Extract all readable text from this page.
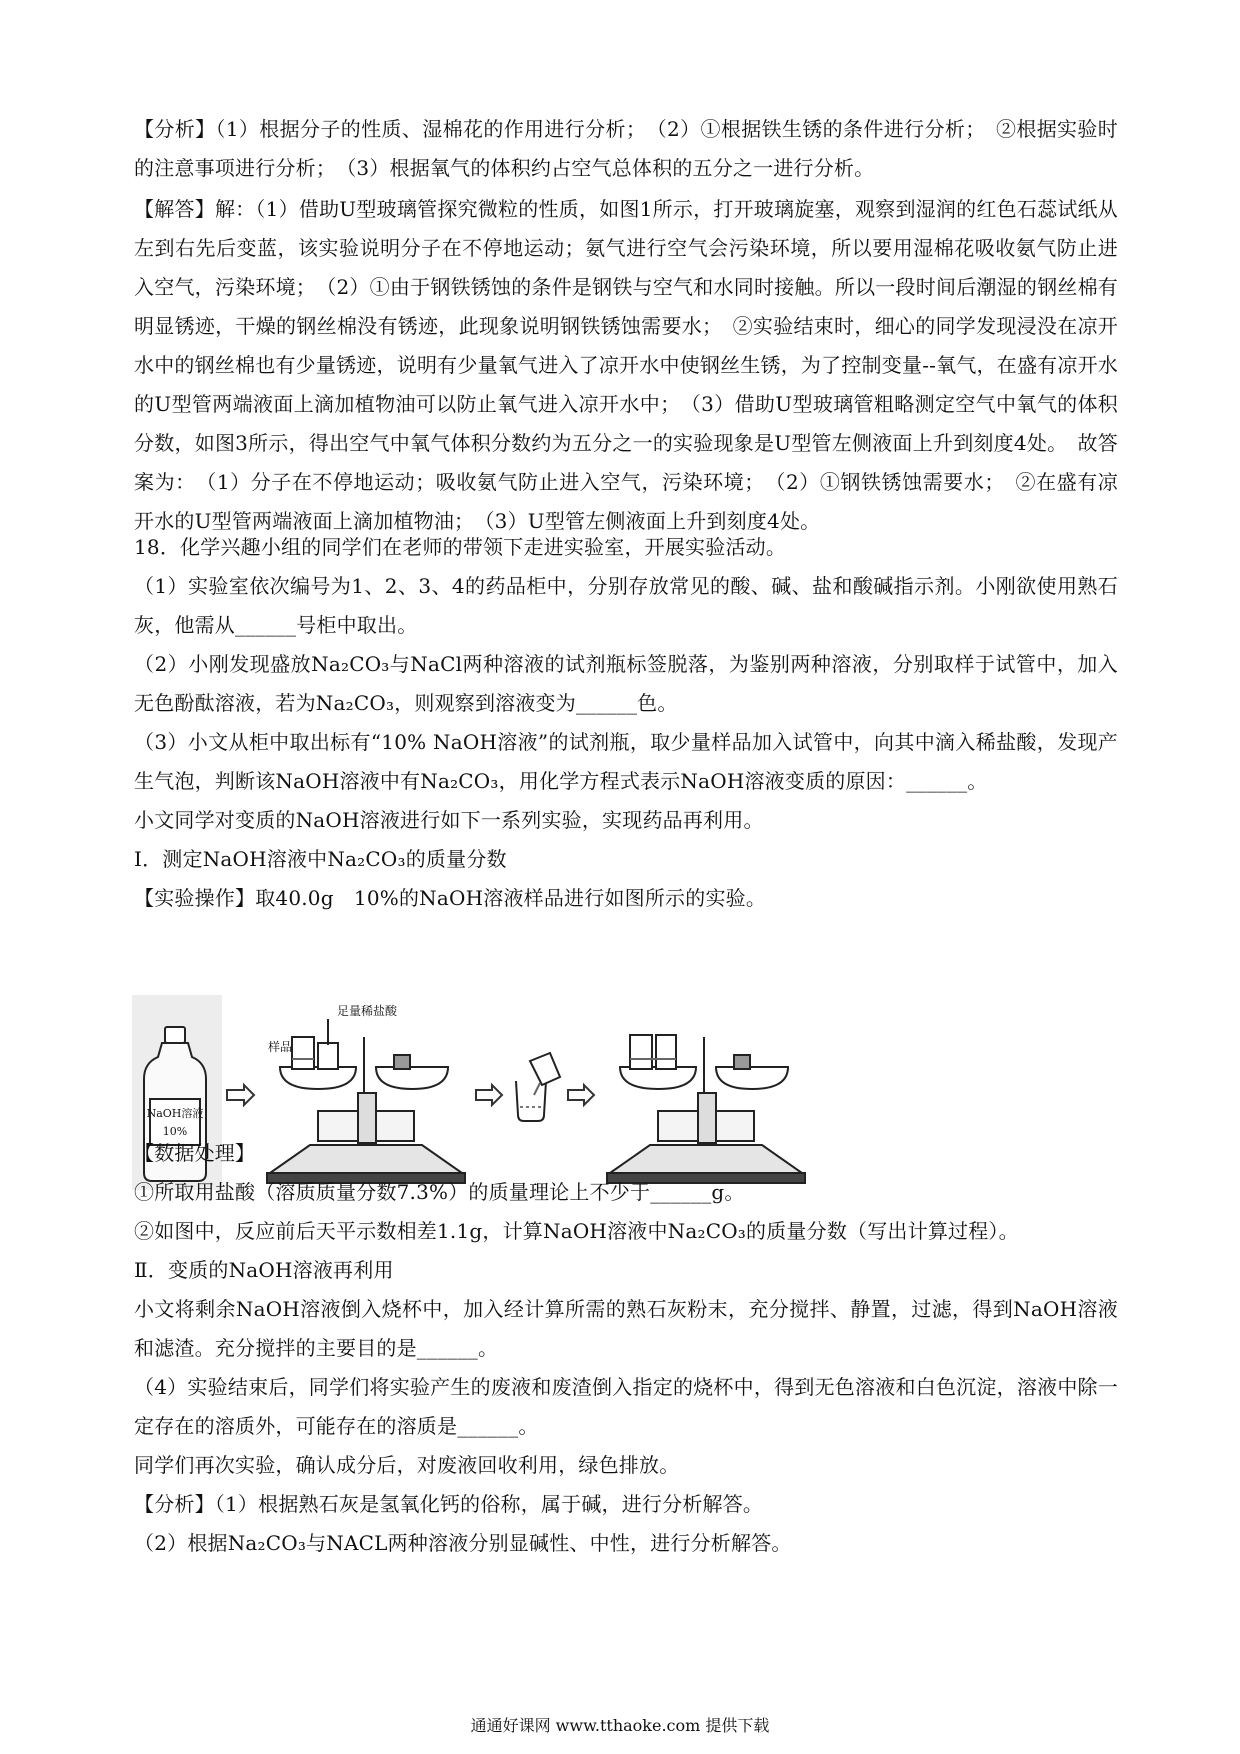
【分析】（1）根据分子的性质、湿棉花的作用进行分析；　（2）①根据铁生锈的条件进行分析；　②根据实验时的注意事项进行分析；　（3）根据氧气的体积约占空气总体积的五分之一进行分析。

【解答】解：（1）借助U型玻璃管探究微粒的性质，如图1所示，打开玻璃旋塞，观察到湿润的红色石蕊试纸从左到右先后变蓝，该实验说明分子在不停地运动；氨气进行空气会污染环境，所以要用湿棉花吸收氨气防止进入空气，污染环境；　（2）①由于钢铁锈蚀的条件是钢铁与空气和水同时接触。所以一段时间后潮湿的钢丝棉有明显锈迹，干燥的钢丝棉没有锈迹，此现象说明钢铁锈蚀需要水；　②实验结束时，细心的同学发现浸没在凉开水中的钢丝棉也有少量锈迹，说明有少量氧气进入了凉开水中使钢丝生锈，为了控制变量--氧气，在盛有凉开水的U型管两端液面上滴加植物油可以防止氧气进入凉开水中；　（3）借助U型玻璃管粗略测定空气中氧气的体积分数，如图3所示，得出空气中氧气体积分数约为五分之一的实验现象是U型管左侧液面上升到刻度4处。　故答案为：　（1）分子在不停地运动；吸收氨气防止进入空气，污染环境；　（2）①钢铁锈蚀需要水；　②在盛有凉开水的U型管两端液面上滴加植物油；　（3）U型管左侧液面上升到刻度4处。

18．化学兴趣小组的同学们在老师的带领下走进实验室，开展实验活动。

（1）实验室依次编号为1、2、3、4的药品柜中，分别存放常见的酸、碱、盐和酸碱指示剂。小刚欲使用熟石灰，他需从______号柜中取出。

（2）小刚发现盛放Na₂CO₃与NaCl两种溶液的试剂瓶标签脱落，为鉴别两种溶液，分别取样于试管中，加入无色酚酞溶液，若为Na₂CO₃，则观察到溶液变为______色。

（3）小文从柜中取出标有“10% NaOH溶液”的试剂瓶，取少量样品加入试管中，向其中滴入稀盐酸，发现产生气泡，判断该NaOH溶液中有Na₂CO₃，用化学方程式表示NaOH溶液变质的原因：______。

小文同学对变质的NaOH溶液进行如下一系列实验，实现药品再利用。

Ⅰ．测定NaOH溶液中Na₂CO₃的质量分数

【实验操作】取40.0g　10%的NaOH溶液样品进行如图所示的实验。

NaOH溶液
10%
足量稀盐酸
样品

【数据处理】

①所取用盐酸（溶质质量分数7.3%）的质量理论上不少于______g。

②如图中，反应前后天平示数相差1.1g，计算NaOH溶液中Na₂CO₃的质量分数（写出计算过程）。

Ⅱ．变质的NaOH溶液再利用

小文将剩余NaOH溶液倒入烧杯中，加入经计算所需的熟石灰粉末，充分搅拌、静置，过滤，得到NaOH溶液和滤渣。充分搅拌的主要目的是______。

（4）实验结束后，同学们将实验产生的废液和废渣倒入指定的烧杯中，得到无色溶液和白色沉淀，溶液中除一定存在的溶质外，可能存在的溶质是______。

同学们再次实验，确认成分后，对废液回收利用，绿色排放。

【分析】（1）根据熟石灰是氢氧化钙的俗称，属于碱，进行分析解答。

（2）根据Na₂CO₃与NACL两种溶液分别显碱性、中性，进行分析解答。

通通好课网 www.tthaoke.com 提供下载
